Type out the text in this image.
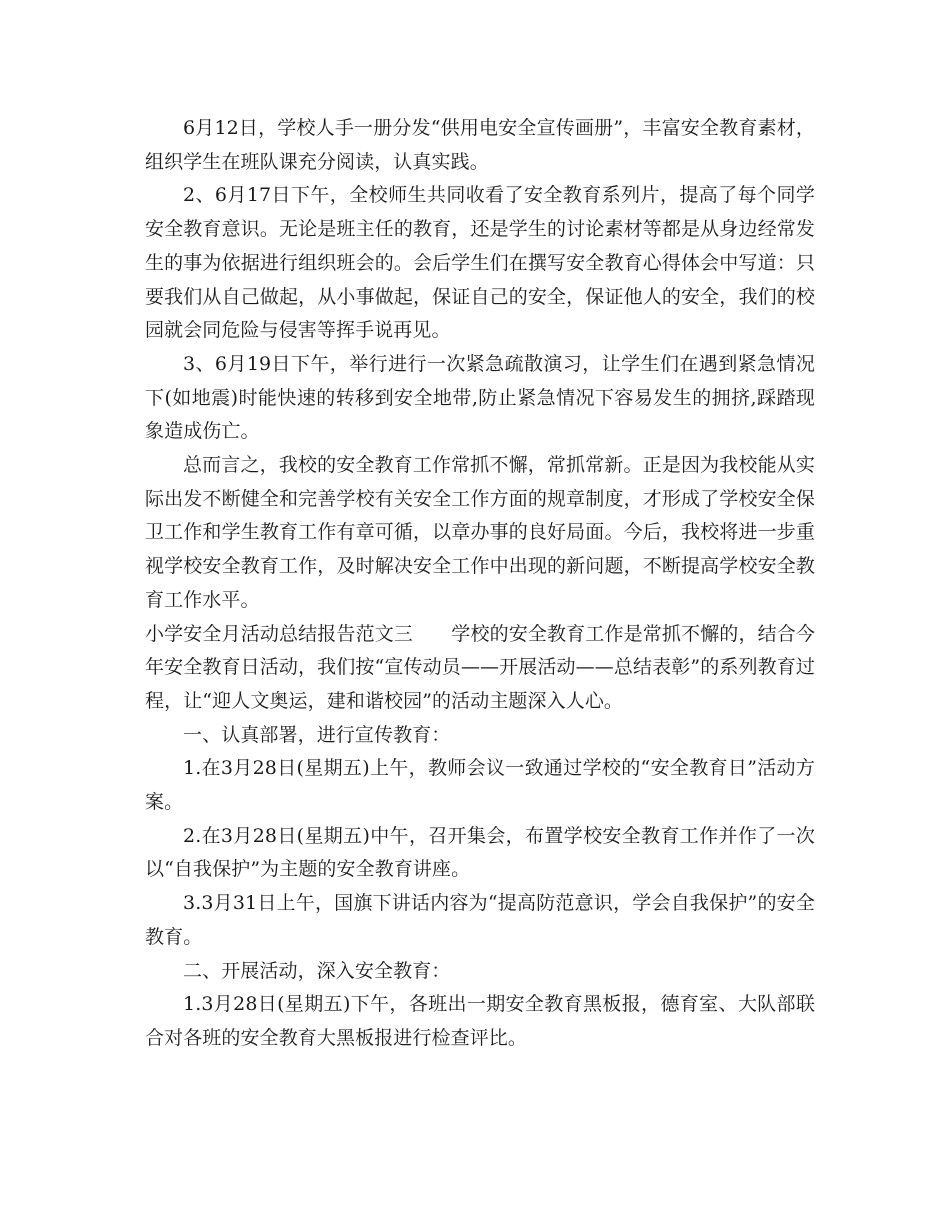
6月12日，学校人手一册分发“供用电安全宣传画册”，丰富安全教育素材，组织学生在班队课充分阅读，认真实践。

2、6月17日下午，全校师生共同收看了安全教育系列片，提高了每个同学安全教育意识。无论是班主任的教育，还是学生的讨论素材等都是从身边经常发生的事为依据进行组织班会的。会后学生们在撰写安全教育心得体会中写道：只要我们从自己做起，从小事做起，保证自己的安全，保证他人的安全，我们的校园就会同危险与侵害等挥手说再见。

3、6月19日下午，举行进行一次紧急疏散演习，让学生们在遇到紧急情况下(如地震)时能快速的转移到安全地带,防止紧急情况下容易发生的拥挤,踩踏现象造成伤亡。

总而言之，我校的安全教育工作常抓不懈，常抓常新。正是因为我校能从实际出发不断健全和完善学校有关安全工作方面的规章制度，才形成了学校安全保卫工作和学生教育工作有章可循，以章办事的良好局面。今后，我校将进一步重视学校安全教育工作，及时解决安全工作中出现的新问题，不断提高学校安全教育工作水平。

小学安全月活动总结报告范文三　　学校的安全教育工作是常抓不懈的，结合今年安全教育日活动，我们按“宣传动员——开展活动——总结表彰”的系列教育过程，让“迎人文奥运，建和谐校园”的活动主题深入人心。

一、认真部署，进行宣传教育：

1.在3月28日(星期五)上午，教师会议一致通过学校的“安全教育日”活动方案。

2.在3月28日(星期五)中午，召开集会，布置学校安全教育工作并作了一次以“自我保护”为主题的安全教育讲座。

3.3月31日上午，国旗下讲话内容为“提高防范意识，学会自我保护”的安全教育。

二、开展活动，深入安全教育：

1.3月28日(星期五)下午，各班出一期安全教育黑板报，德育室、大队部联合对各班的安全教育大黑板报进行检查评比。
